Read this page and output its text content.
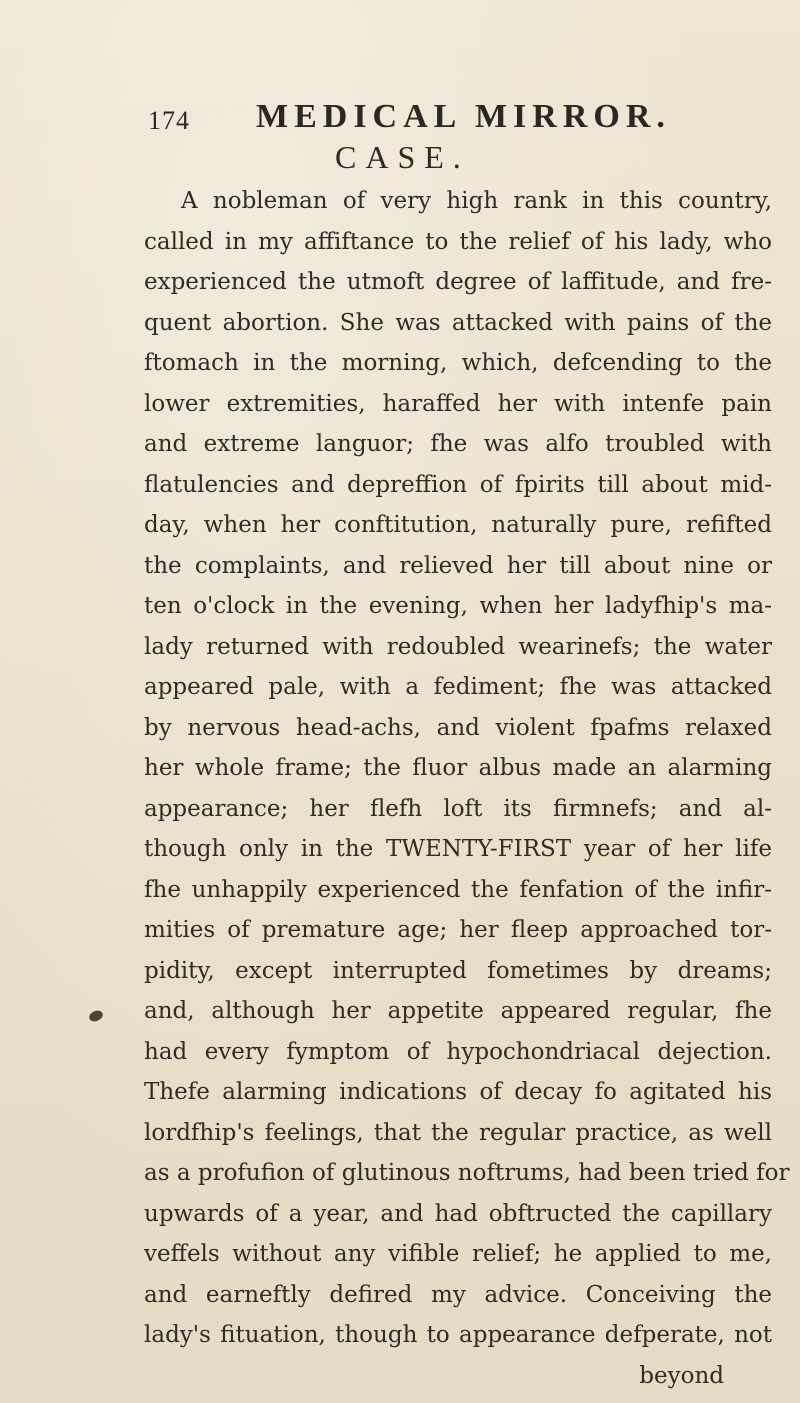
174 MEDICAL MIRROR.
CASE.
A nobleman of very high rank in this country,
called in my affiftance to the relief of his lady, who
experienced the utmoft degree of laffitude, and fre-
quent abortion. She was attacked with pains of the
ftomach in the morning, which, defcending to the
lower extremities, haraffed her with intenfe pain
and extreme languor; fhe was alfo troubled with
flatulencies and depreffion of fpirits till about mid-
day, when her conftitution, naturally pure, refifted
the complaints, and relieved her till about nine or
ten o'clock in the evening, when her ladyfhip's ma-
lady returned with redoubled wearinefs; the water
appeared pale, with a fediment; fhe was attacked
by nervous head-achs, and violent fpafms relaxed
her whole frame; the fluor albus made an alarming
appearance; her flefh loft its firmnefs; and al-
though only in the TWENTY-FIRST year of her life
fhe unhappily experienced the fenfation of the infir-
mities of premature age; her fleep approached tor-
pidity, except interrupted fometimes by dreams;
and, although her appetite appeared regular, fhe
had every fymptom of hypochondriacal dejection.
Thefe alarming indications of decay fo agitated his
lordfhip's feelings, that the regular practice, as well
as a profufion of glutinous noftrums, had been tried for
upwards of a year, and had obftructed the capillary
veffels without any vifible relief; he applied to me,
and earneftly defired my advice. Conceiving the
lady's fituation, though to appearance defperate, not
beyond
